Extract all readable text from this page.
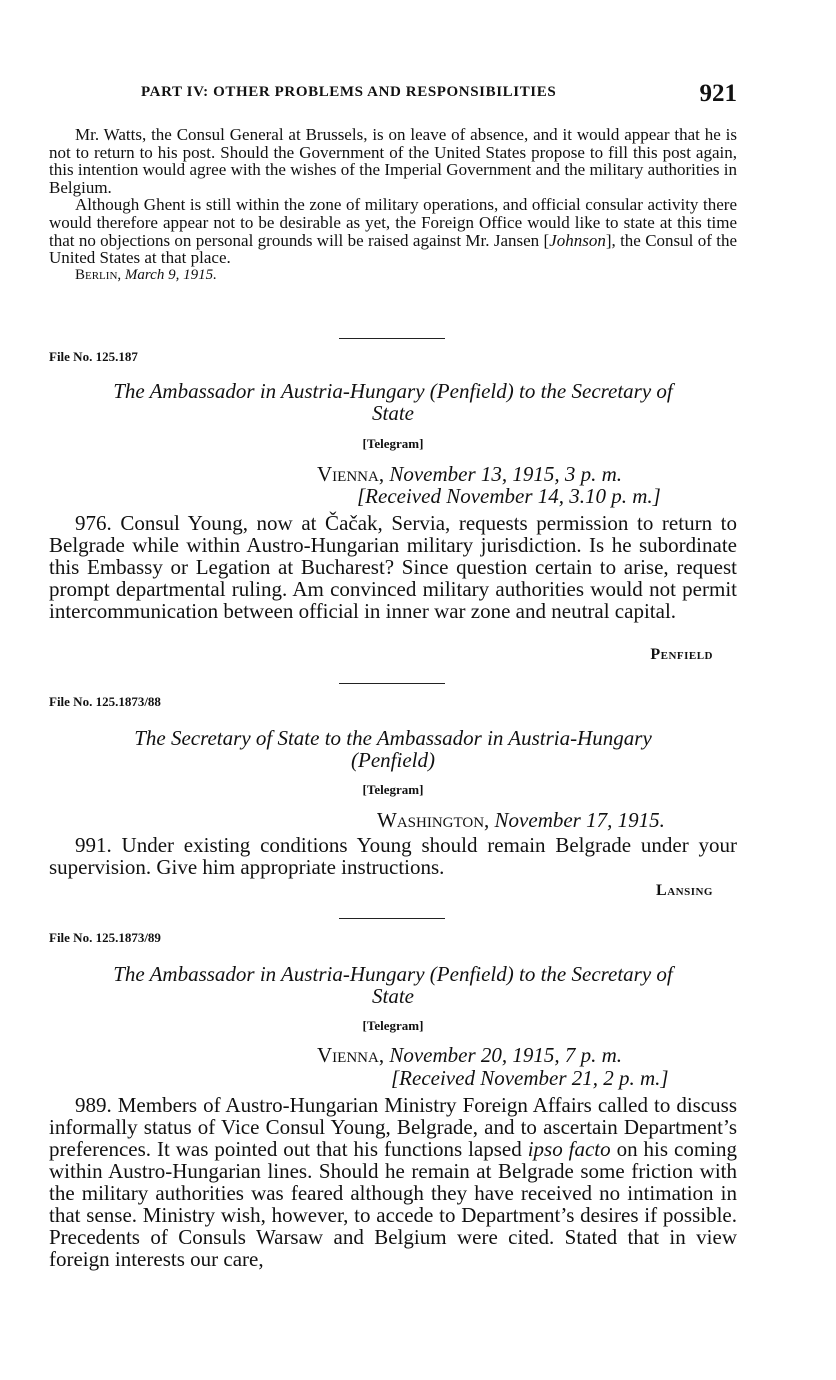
PART IV: OTHER PROBLEMS AND RESPONSIBILITIES	921

Mr. Watts, the Consul General at Brussels, is on leave of absence, and it would appear that he is not to return to his post. Should the Government of the United States propose to fill this post again, this intention would agree with the wishes of the Imperial Government and the military authorities in Belgium.

Although Ghent is still within the zone of military operations, and official consular activity there would therefore appear not to be desirable as yet, the Foreign Office would like to state at this time that no objections on personal grounds will be raised against Mr. Jansen [Johnson], the Consul of the United States at that place.

Berlin, March 9, 1915.
File No. 125.187
The Ambassador in Austria-Hungary (Penfield) to the Secretary of
State
[Telegram]
Vienna, November 13, 1915, 3 p. m.
[Received November 14, 3.10 p. m.]

976. Consul Young, now at Čačak, Servia, requests permission to return to Belgrade while within Austro-Hungarian military jurisdiction. Is he subordinate this Embassy or Legation at Bucharest? Since question certain to arise, request prompt departmental ruling. Am convinced military authorities would not permit intercommunication between official in inner war zone and neutral capital.

Penfield
File No. 125.1873/88
The Secretary of State to the Ambassador in Austria-Hungary
(Penfield)
[Telegram]
Washington, November 17, 1915.

991. Under existing conditions Young should remain Belgrade under your supervision. Give him appropriate instructions.

Lansing
File No. 125.1873/89
The Ambassador in Austria-Hungary (Penfield) to the Secretary of
State
[Telegram]
Vienna, November 20, 1915, 7 p. m.
[Received November 21, 2 p. m.]

989. Members of Austro-Hungarian Ministry Foreign Affairs called to discuss informally status of Vice Consul Young, Belgrade, and to ascertain Department’s preferences. It was pointed out that his functions lapsed ipso facto on his coming within Austro-Hungarian lines. Should he remain at Belgrade some friction with the military authorities was feared although they have received no intimation in that sense. Ministry wish, however, to accede to Department’s desires if possible. Precedents of Consuls Warsaw and Belgium were cited. Stated that in view foreign interests our care,
